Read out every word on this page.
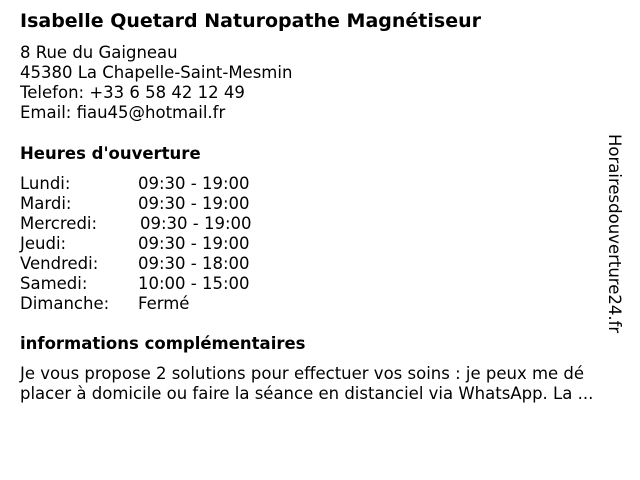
Isabelle Quetard Naturopathe Magnétiseur
8 Rue du Gaigneau
45380 La Chapelle-Saint-Mesmin
Telefon: +33 6 58 42 12 49
Email: fiau45@hotmail.fr
Heures d'ouverture
Lundi:	09:30 - 19:00
Mardi:	09:30 - 19:00
Mercredi:	09:30 - 19:00
Jeudi:	09:30 - 19:00
Vendredi:	09:30 - 18:00
Samedi:	10:00 - 15:00
Dimanche:	Fermé
informations complémentaires
Je vous propose 2 solutions pour effectuer vos soins : je peux me dé
placer à domicile ou faire la séance en distanciel via WhatsApp. La ...
Horairesdouverture24.fr
